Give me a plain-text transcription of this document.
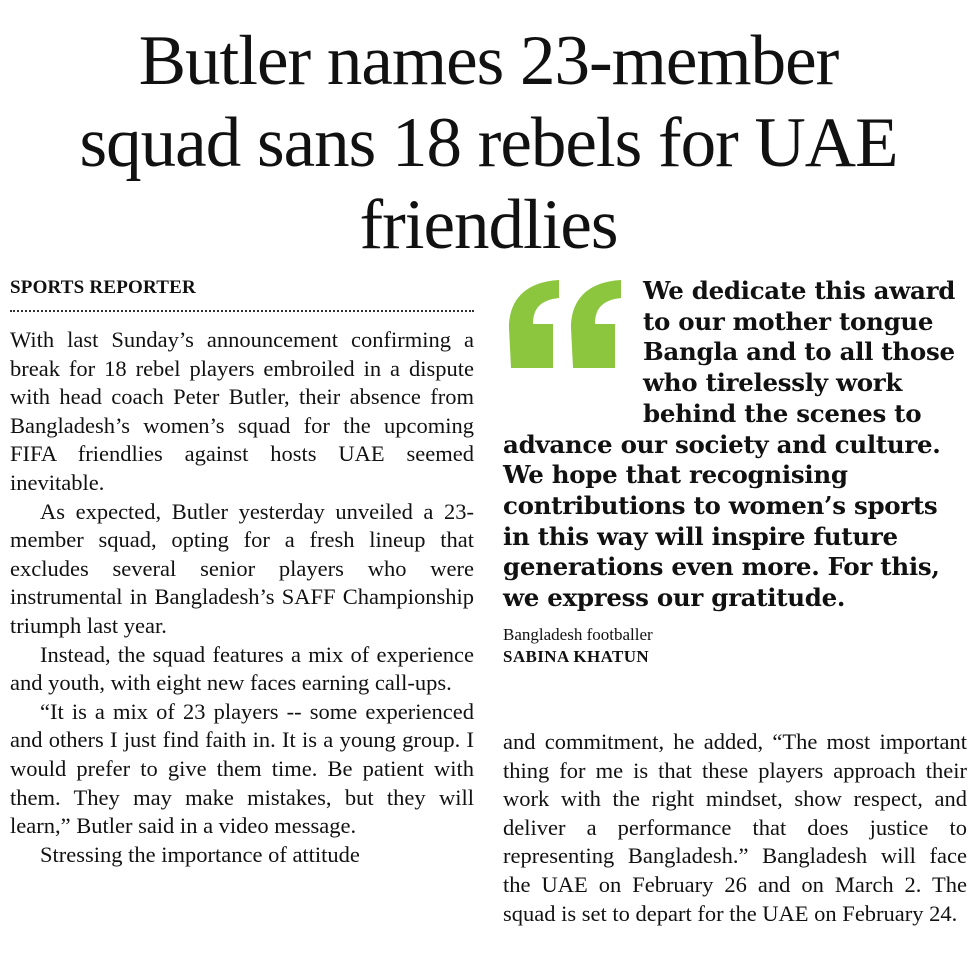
Butler names 23-member
squad sans 18 rebels for UAE
friendlies
SPORTS REPORTER

With last Sunday’s announcement confirming a break for 18 rebel players embroiled in a dispute with head coach Peter Butler, their absence from Bangladesh’s women’s squad for the upcoming FIFA friendlies against hosts UAE seemed inevitable.

As expected, Butler yesterday unveiled a 23-member squad, opting for a fresh lineup that excludes several senior players who were instrumental in Bangladesh’s SAFF Championship triumph last year.

Instead, the squad features a mix of experience and youth, with eight new faces earning call-ups.

“It is a mix of 23 players -- some experienced and others I just find faith in. It is a young group. I would prefer to give them time. Be patient with them. They may make mistakes, but they will learn,” Butler said in a video message.

Stressing the importance of attitude

We dedicate this award to our mother tongue Bangla and to all those who tirelessly work behind the scenes to advance our society and culture. We hope that recognising contributions to women’s sports in this way will inspire future generations even more. For this, we express our gratitude.

Bangladesh footballer
SABINA KHATUN

and commitment, he added, “The most important thing for me is that these players approach their work with the right mindset, show respect, and deliver a performance that does justice to representing Bangladesh.” Bangladesh will face the UAE on February 26 and on March 2. The squad is set to depart for the UAE on February 24.
